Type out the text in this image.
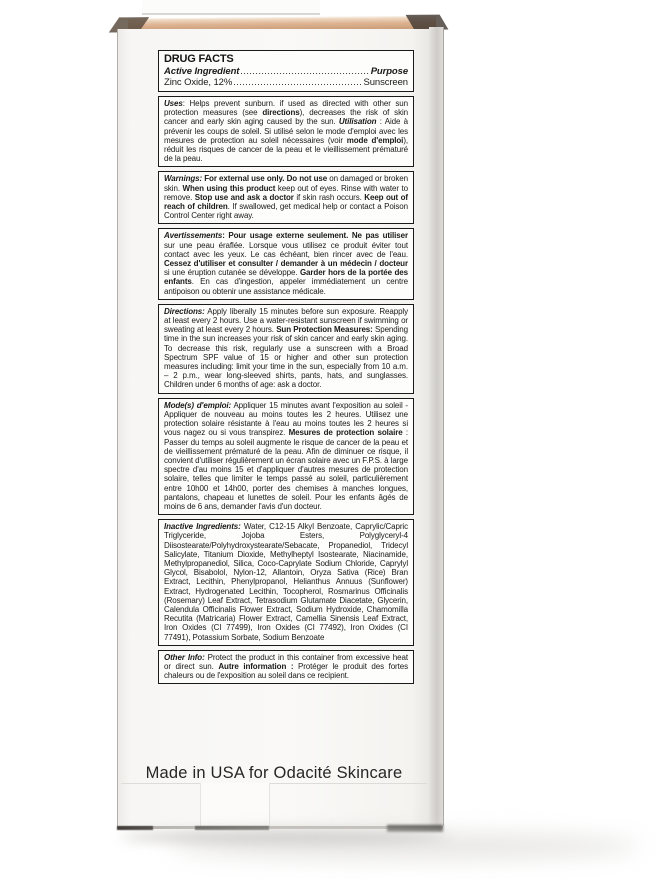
DRUG FACTS
Active Ingredient .....	Purpose
Zinc Oxide, 12% .....	Sunscreen

Uses: Helps prevent sunburn. if used as directed with other sun protection measures (see directions), decreases the risk of skin cancer and early skin aging caused by the sun. Utilisation : Aide à prévenir les coups de soleil. Si utilisé selon le mode d'emploi avec les mesures de protection au soleil nécessaires (voir mode d'emploi), réduit les risques de cancer de la peau et le vieillissement prématuré de la peau.

Warnings: For external use only. Do not use on damaged or broken skin. When using this product keep out of eyes. Rinse with water to remove. Stop use and ask a doctor if skin rash occurs. Keep out of reach of children. If swallowed, get medical help or contact a Poison Control Center right away.

Avertissements: Pour usage externe seulement. Ne pas utiliser sur une peau éraflée. Lorsque vous utilisez ce produit éviter tout contact avec les yeux. Le cas échéant, bien rincer avec de l'eau. Cessez d'utiliser et consulter / demander à un médecin / docteur si une éruption cutanée se développe. Garder hors de la portée des enfants. En cas d'ingestion, appeler immédiatement un centre antipoison ou obtenir une assistance médicale.

Directions: Apply liberally 15 minutes before sun exposure. Reapply at least every 2 hours. Use a water-resistant sunscreen if swimming or sweating at least every 2 hours. Sun Protection Measures: Spending time in the sun increases your risk of skin cancer and early skin aging. To decrease this risk, regularly use a sunscreen with a Broad Spectrum SPF value of 15 or higher and other sun protection measures including: limit your time in the sun, especially from 10 a.m. – 2 p.m., wear long-sleeved shirts, pants, hats, and sunglasses. Children under 6 months of age: ask a doctor.

Mode(s) d'emploi: Appliquer 15 minutes avant l'exposition au soleil - Appliquer de nouveau au moins toutes les 2 heures. Utilisez une protection solaire résistante à l'eau au moins toutes les 2 heures si vous nagez ou si vous transpirez. Mesures de protection solaire : Passer du temps au soleil augmente le risque de cancer de la peau et de vieillissement prématuré de la peau. Afin de diminuer ce risque, il convient d'utiliser régulièrement un écran solaire avec un F.P.S. à large spectre d'au moins 15 et d'appliquer d'autres mesures de protection solaire, telles que limiter le temps passé au soleil, particulièrement entre 10h00 et 14h00, porter des chemises à manches longues, pantalons, chapeau et lunettes de soleil. Pour les enfants âgés de moins de 6 ans, demander l'avis d'un docteur.

Inactive Ingredients: Water, C12-15 Alkyl Benzoate, Caprylic/Capric Triglyceride, Jojoba Esters, Polyglyceryl-4 Diisostearate/Polyhydroxystearate/Sebacate, Propanediol, Tridecyl Salicylate, Titanium Dioxide, Methylheptyl Isostearate, Niacinamide, Methylpropanediol, Silica, Coco-Caprylate Sodium Chloride, Caprylyl Glycol, Bisabolol, Nylon-12, Allantoin, Oryza Sativa (Rice) Bran Extract, Lecithin, Phenylpropanol, Helianthus Annuus (Sunflower) Extract, Hydrogenated Lecithin, Tocopherol, Rosmarinus Officinalis (Rosemary) Leaf Extract, Tetrasodium Glutamate Diacetate, Glycerin, Calendula Officinalis Flower Extract, Sodium Hydroxide, Chamomilla Recutita (Matricaria) Flower Extract, Camellia Sinensis Leaf Extract, Iron Oxides (CI 77499), Iron Oxides (CI 77492), Iron Oxides (CI 77491), Potassium Sorbate, Sodium Benzoate

Other Info: Protect the product in this container from excessive heat or direct sun. Autre information : Protéger le produit des fortes chaleurs ou de l'exposition au soleil dans ce recipient.

Made in USA for Odacité Skincare
